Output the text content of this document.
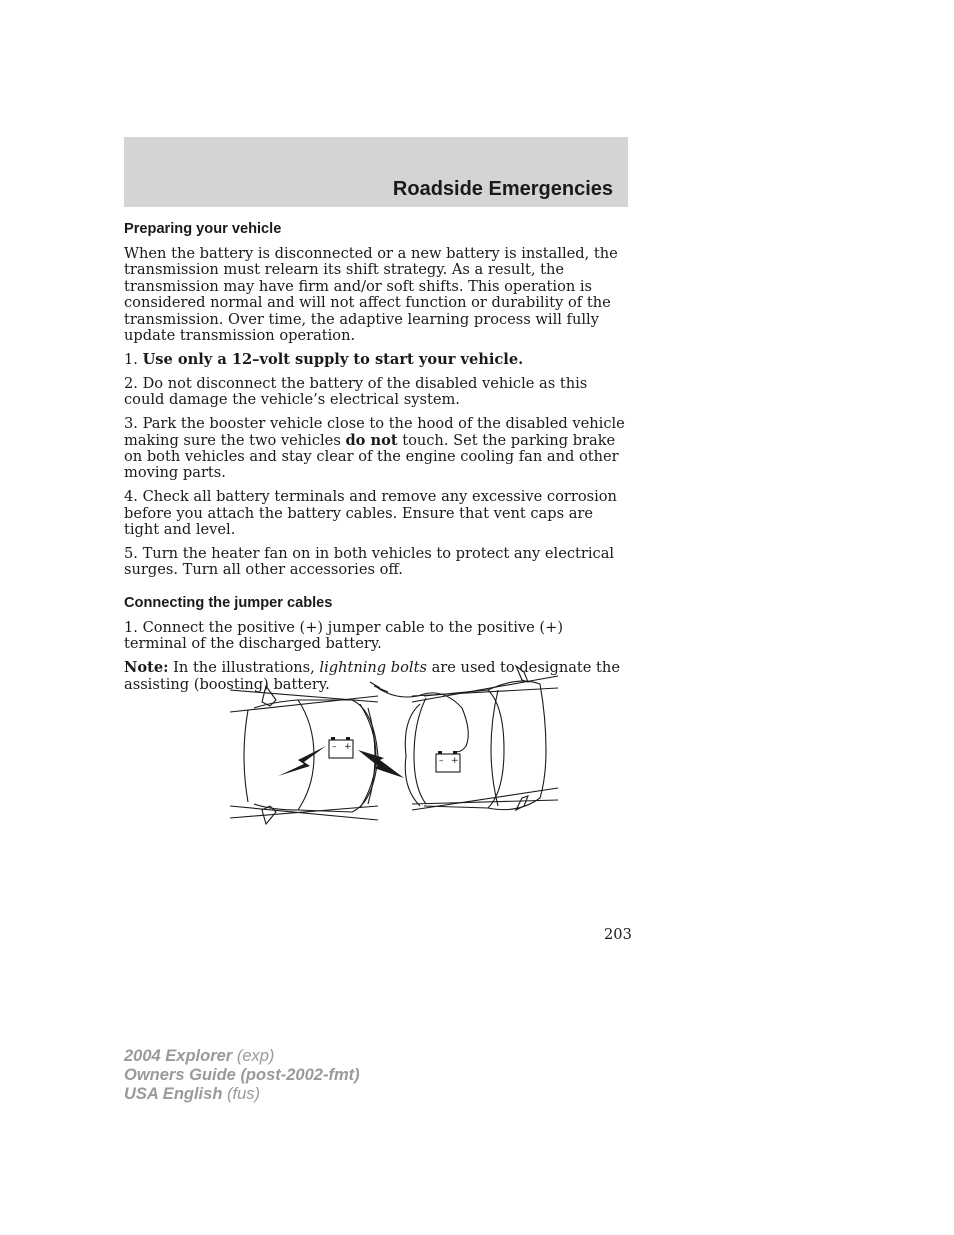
Roadside Emergencies
Preparing your vehicle

When the battery is disconnected or a new battery is installed, the transmission must relearn its shift strategy. As a result, the transmission may have firm and/or soft shifts. This operation is considered normal and will not affect function or durability of the transmission. Over time, the adaptive learning process will fully update transmission operation.

1. Use only a 12–volt supply to start your vehicle.

2. Do not disconnect the battery of the disabled vehicle as this could damage the vehicle’s electrical system.

3. Park the booster vehicle close to the hood of the disabled vehicle making sure the two vehicles do not touch. Set the parking brake on both vehicles and stay clear of the engine cooling fan and other moving parts.

4. Check all battery terminals and remove any excessive corrosion before you attach the battery cables. Ensure that vent caps are tight and level.

5. Turn the heater fan on in both vehicles to protect any electrical surges. Turn all other accessories off.

Connecting the jumper cables

1. Connect the positive (+) jumper cable to the positive (+) terminal of the discharged battery.

Note: In the illustrations, lightning bolts are used to designate the assisting (boosting) battery.

– +
– +
203
2004 Explorer (exp)
Owners Guide (post-2002-fmt)
USA English (fus)
